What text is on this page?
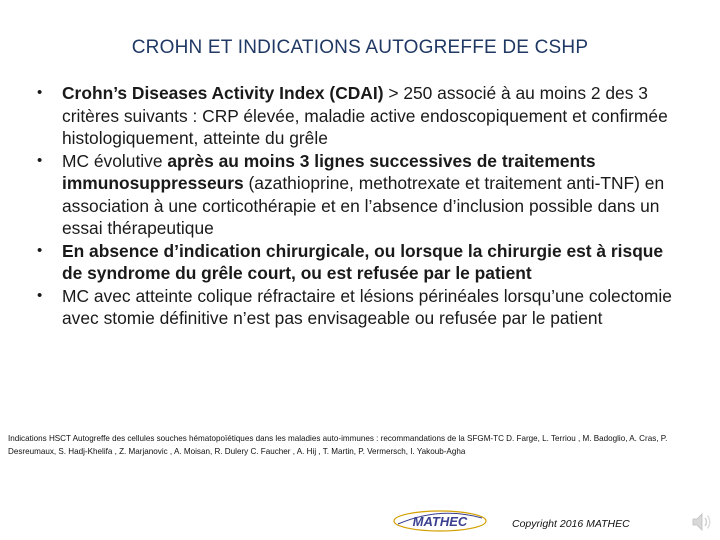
CROHN ET INDICATIONS AUTOGREFFE DE CSHP
• Crohn’s Diseases Activity Index (CDAI) > 250 associé à au moins 2 des 3 critères suivants : CRP élevée, maladie active endoscopiquement et confirmée histologiquement, atteinte du grêle
• MC évolutive après au moins 3 lignes successives de traitements immunosuppresseurs (azathioprine, methotrexate et traitement anti-TNF) en association à une corticothérapie et en l’absence d’inclusion possible dans un essai thérapeutique
• En absence d’indication chirurgicale, ou lorsque la chirurgie est à risque de syndrome du grêle court, ou est refusée par le patient
• MC avec atteinte colique réfractaire et lésions périnéales lorsqu’une colectomie avec stomie définitive n’est pas envisageable ou refusée par le patient
Indications HSCT Autogreffe des cellules souches hématopoïétiques dans les maladies auto-immunes : recommandations de la SFGM-TC D. Farge, L. Terriou , M. Badoglio, A. Cras, P. Desreumaux, S. Hadj-Khelifa , Z. Marjanovic , A. Moisan, R. Dulery C. Faucher , A. Hij , T. Martin, P. Vermersch, I. Yakoub-Agha
MATHEC	Copyright 2016 MATHEC
